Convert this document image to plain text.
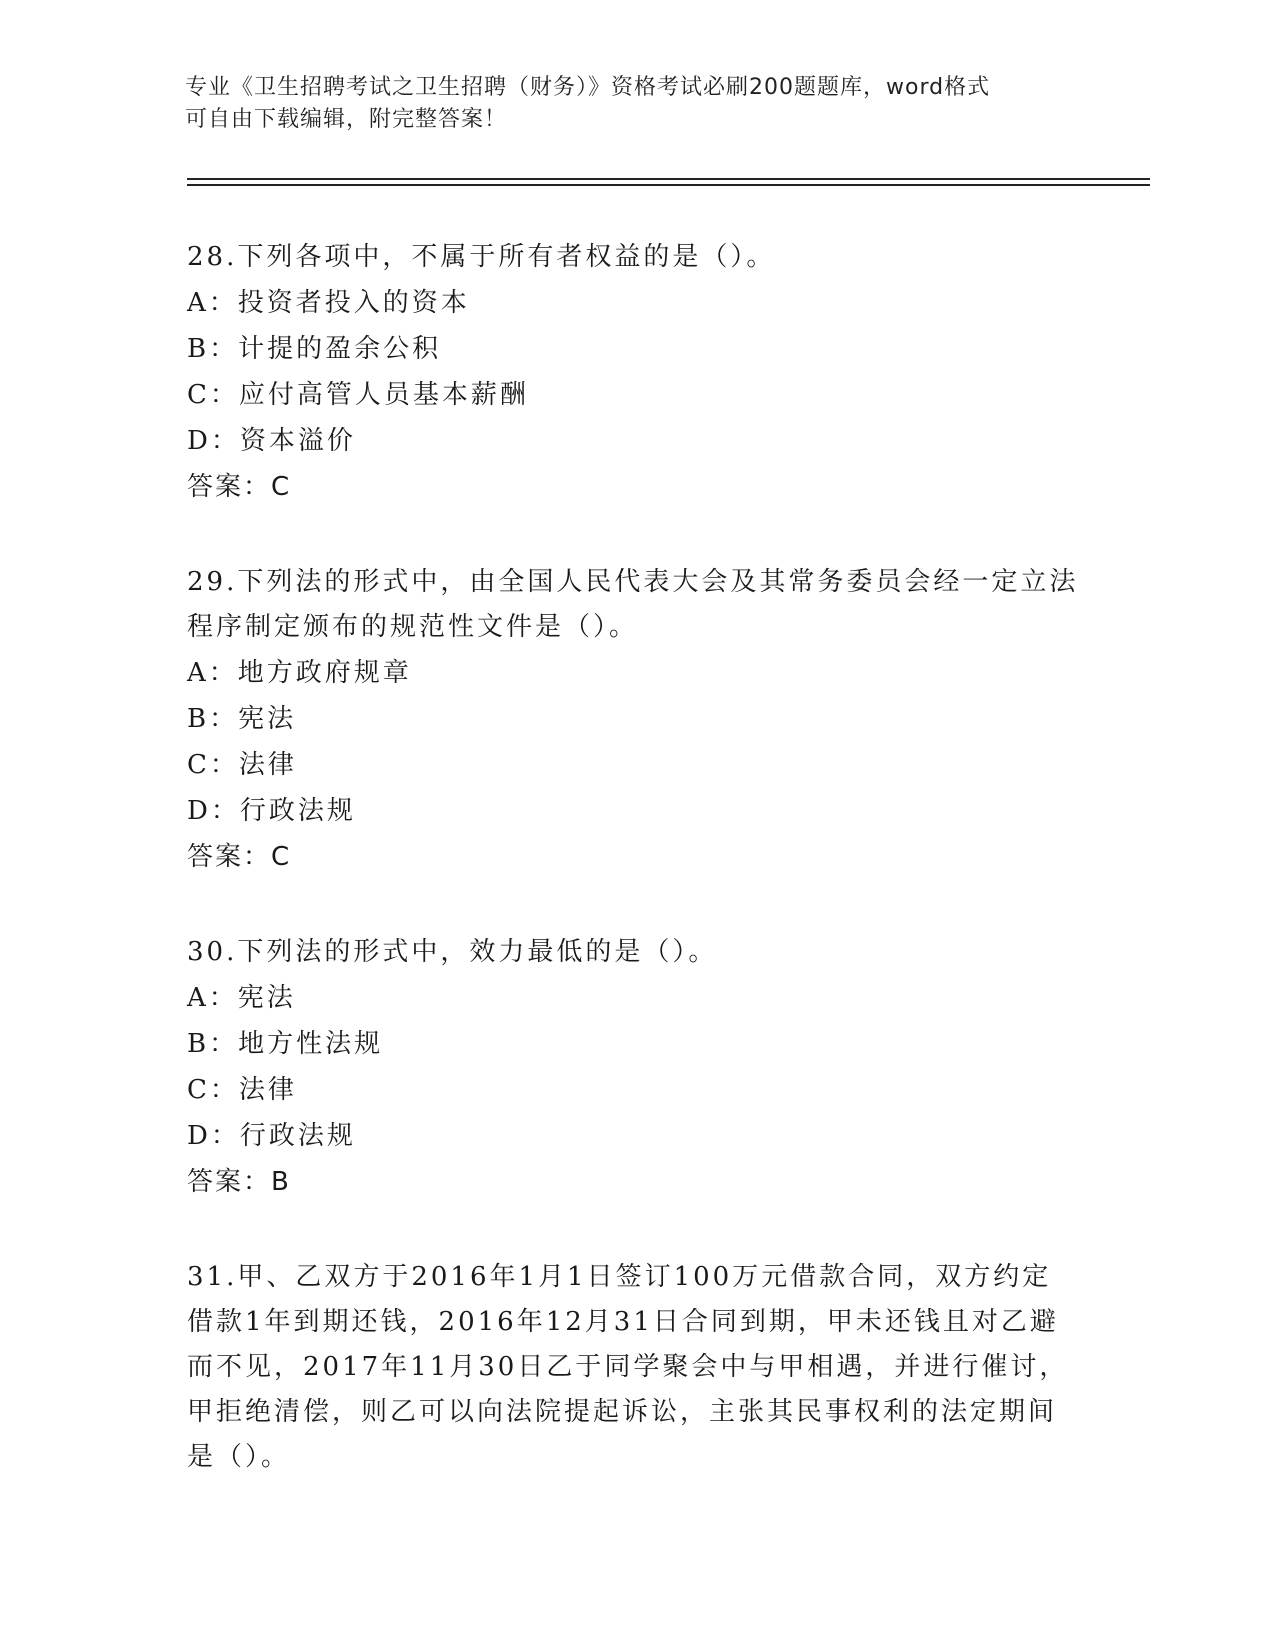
专业《卫生招聘考试之卫生招聘（财务）》资格考试必刷200题题库，word格式

可自由下载编辑，附完整答案！

28.下列各项中，不属于所有者权益的是（）。

A：投资者投入的资本

B：计提的盈余公积

C：应付高管人员基本薪酬

D：资本溢价

答案：C

29.下列法的形式中，由全国人民代表大会及其常务委员会经一定立法

程序制定颁布的规范性文件是（）。

A：地方政府规章

B：宪法

C：法律

D：行政法规

答案：C

30.下列法的形式中，效力最低的是（）。

A：宪法

B：地方性法规

C：法律

D：行政法规

答案：B

31.甲、乙双方于2016年1月1日签订100万元借款合同，双方约定

借款1年到期还钱，2016年12月31日合同到期，甲未还钱且对乙避

而不见，2017年11月30日乙于同学聚会中与甲相遇，并进行催讨，

甲拒绝清偿，则乙可以向法院提起诉讼，主张其民事权利的法定期间

是（）。
